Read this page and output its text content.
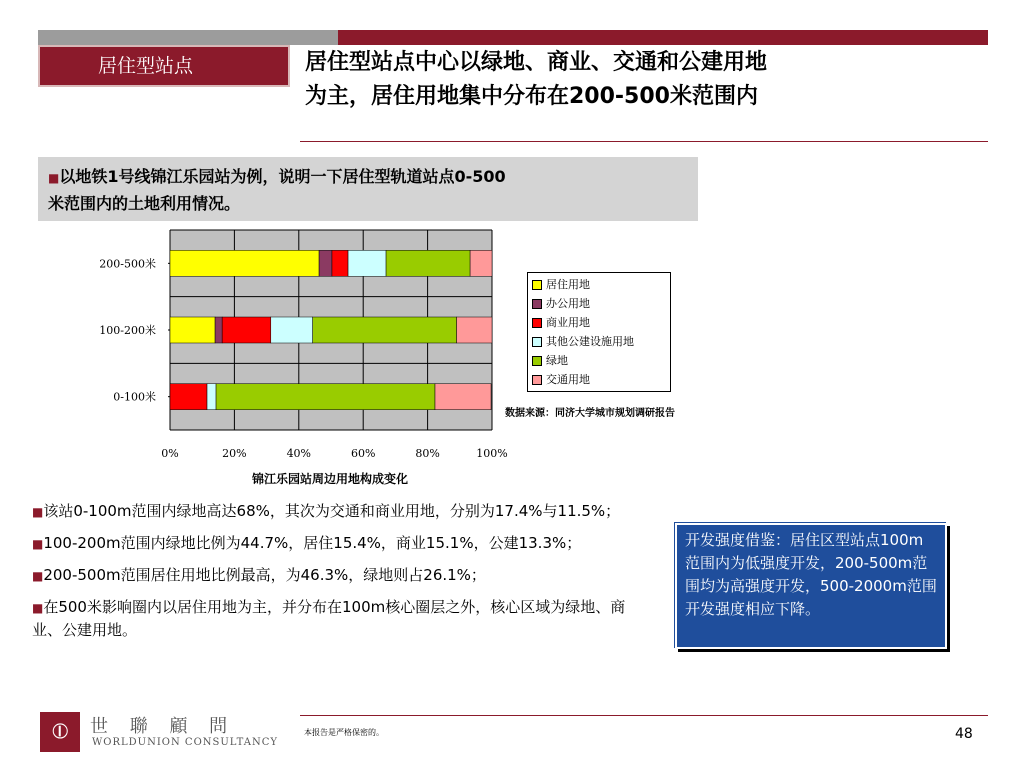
居住型站点	居住型站点中心以绿地、商业、交通和公建用地
为主，居住用地集中分布在200-500米范围内
■以地铁1号线锦江乐园站为例，说明一下居住型轨道站点0-500
米范围内的土地利用情况。
0%	20%	40%	60%	80%	100%
200-500米
100-200米
0-100米
锦江乐园站周边用地构成变化
居住用地
办公用地
商业用地
其他公建设施用地
绿地
交通用地
数据来源：同济大学城市规划调研报告

■该站0-100m范围内绿地高达68%，其次为交通和商业用地，分别为17.4%与11.5%；

■100-200m范围内绿地比例为44.7%，居住15.4%，商业15.1%，公建13.3%；

■200-500m范围居住用地比例最高，为46.3%，绿地则占26.1%；

■在500米影响圈内以居住用地为主，并分布在100m核心圈层之外，核心区域为绿地、商业、公建用地。

开发强度借鉴：居住区型站点100m范围内为低强度开发，200-500m范围均为高强度开发，500-2000m范围开发强度相应下降。
⦶	世 聯 顧 問
WORLDUNION CONSULTANCY
本报告是严格保密的。	48
